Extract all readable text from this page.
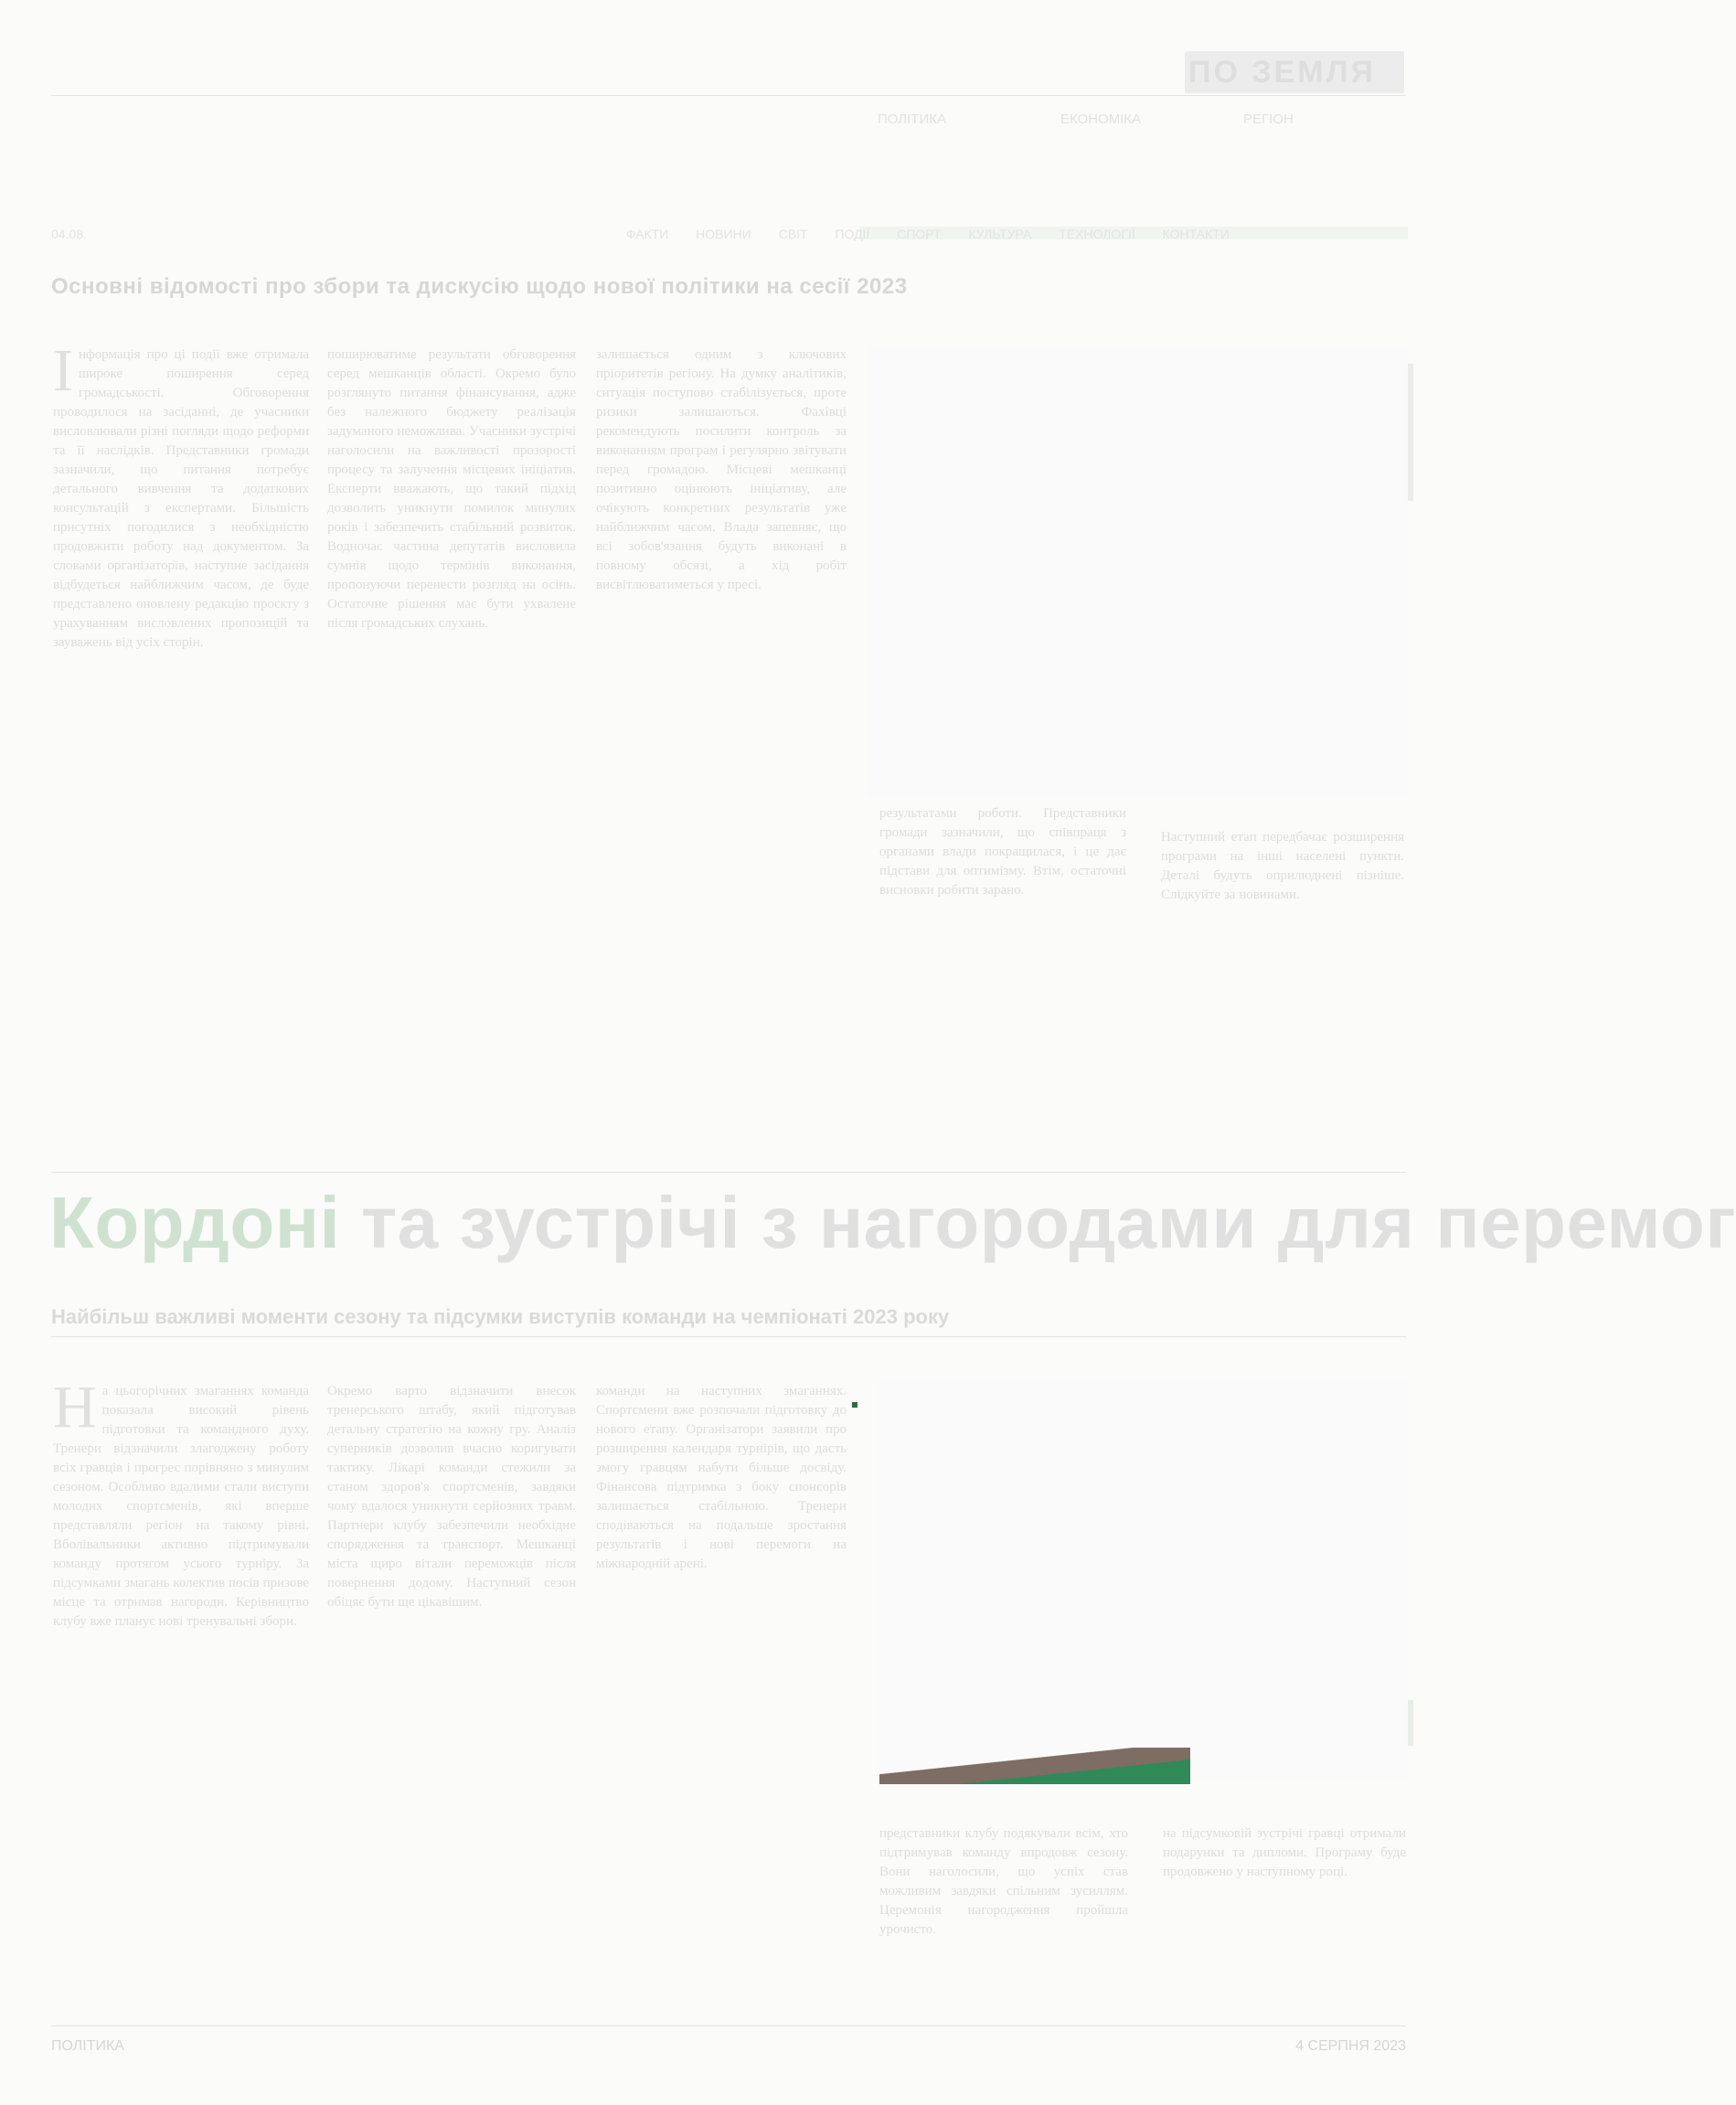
ПО ЗЕМЛЯ
ПОЛІТИКА	ЕКОНОМІКА	РЕГІОН
04.08.	ФАКТИ НОВИНИ СВІТ ПОДІЇ СПОРТ КУЛЬТУРА ТЕХНОЛОГІЇ КОНТАКТИ
Основні відомості про збори та дискусію щодо нової політики на сесії 2023
І нформація про ці події вже отримала широке поширення серед громадськості. Обговорення проводилося на засіданні, де учасники висловлювали різні погляди щодо реформи та її наслідків. Представники громади зазначили, що питання потребує детального вивчення та додаткових консультацій з експертами. Більшість присутніх погодилися з необхідністю продовжити роботу над документом. За словами організаторів, наступне засідання відбудеться найближчим часом, де буде представлено оновлену редакцію проєкту з урахуванням висловлених пропозицій та зауважень від усіх сторін.
поширюватиме результати обговорення серед мешканців області. Окремо було розглянуто питання фінансування, адже без належного бюджету реалізація задуманого неможлива. Учасники зустрічі наголосили на важливості прозорості процесу та залучення місцевих ініціатив. Експерти вважають, що такий підхід дозволить уникнути помилок минулих років і забезпечить стабільний розвиток. Водночас частина депутатів висловила сумнів щодо термінів виконання, пропонуючи перенести розгляд на осінь. Остаточне рішення має бути ухвалене після громадських слухань.
залишається одним з ключових пріоритетів регіону. На думку аналітиків, ситуація поступово стабілізується, проте ризики залишаються. Фахівці рекомендують посилити контроль за виконанням програм і регулярно звітувати перед громадою. Місцеві мешканці позитивно оцінюють ініціативу, але очікують конкретних результатів уже найближчим часом. Влада запевняє, що всі зобов'язання будуть виконані в повному обсязі, а хід робіт висвітлюватиметься у пресі.
результатами роботи. Представники громади зазначили, що співпраця з органами влади покращилася, і це дає підстави для оптимізму. Втім, остаточні висновки робити зарано.
Наступний етап передбачає розширення програми на інші населені пункти. Деталі будуть оприлюднені пізніше. Слідкуйте за новинами.
Кордоні та зустрічі з нагородами для перемог
Найбільш важливі моменти сезону та підсумки виступів команди на чемпіонаті 2023 року
Н а цьогорічних змаганнях команда показала високий рівень підготовки та командного духу. Тренери відзначили злагоджену роботу всіх гравців і прогрес порівняно з минулим сезоном. Особливо вдалими стали виступи молодих спортсменів, які вперше представляли регіон на такому рівні. Вболівальники активно підтримували команду протягом усього турніру. За підсумками змагань колектив посів призове місце та отримав нагороди. Керівництво клубу вже планує нові тренувальні збори.
Окремо варто відзначити внесок тренерського штабу, який підготував детальну стратегію на кожну гру. Аналіз суперників дозволив вчасно коригувати тактику. Лікарі команди стежили за станом здоров'я спортсменів, завдяки чому вдалося уникнути серйозних травм. Партнери клубу забезпечили необхідне спорядження та транспорт. Мешканці міста щиро вітали переможців після повернення додому. Наступний сезон обіцяє бути ще цікавішим.
команди на наступних змаганнях. Спортсмени вже розпочали підготовку до нового етапу. Організатори заявили про розширення календаря турнірів, що дасть змогу гравцям набути більше досвіду. Фінансова підтримка з боку спонсорів залишається стабільною. Тренери сподіваються на подальше зростання результатів і нові перемоги на міжнародній арені.
представники клубу подякували всім, хто підтримував команду впродовж сезону. Вони наголосили, що успіх став можливим завдяки спільним зусиллям. Церемонія нагородження пройшла урочисто.
на підсумковій зустрічі гравці отримали подарунки та дипломи. Програму буде продовжено у наступному році.
ПОЛІТИКА	4 СЕРПНЯ 2023
